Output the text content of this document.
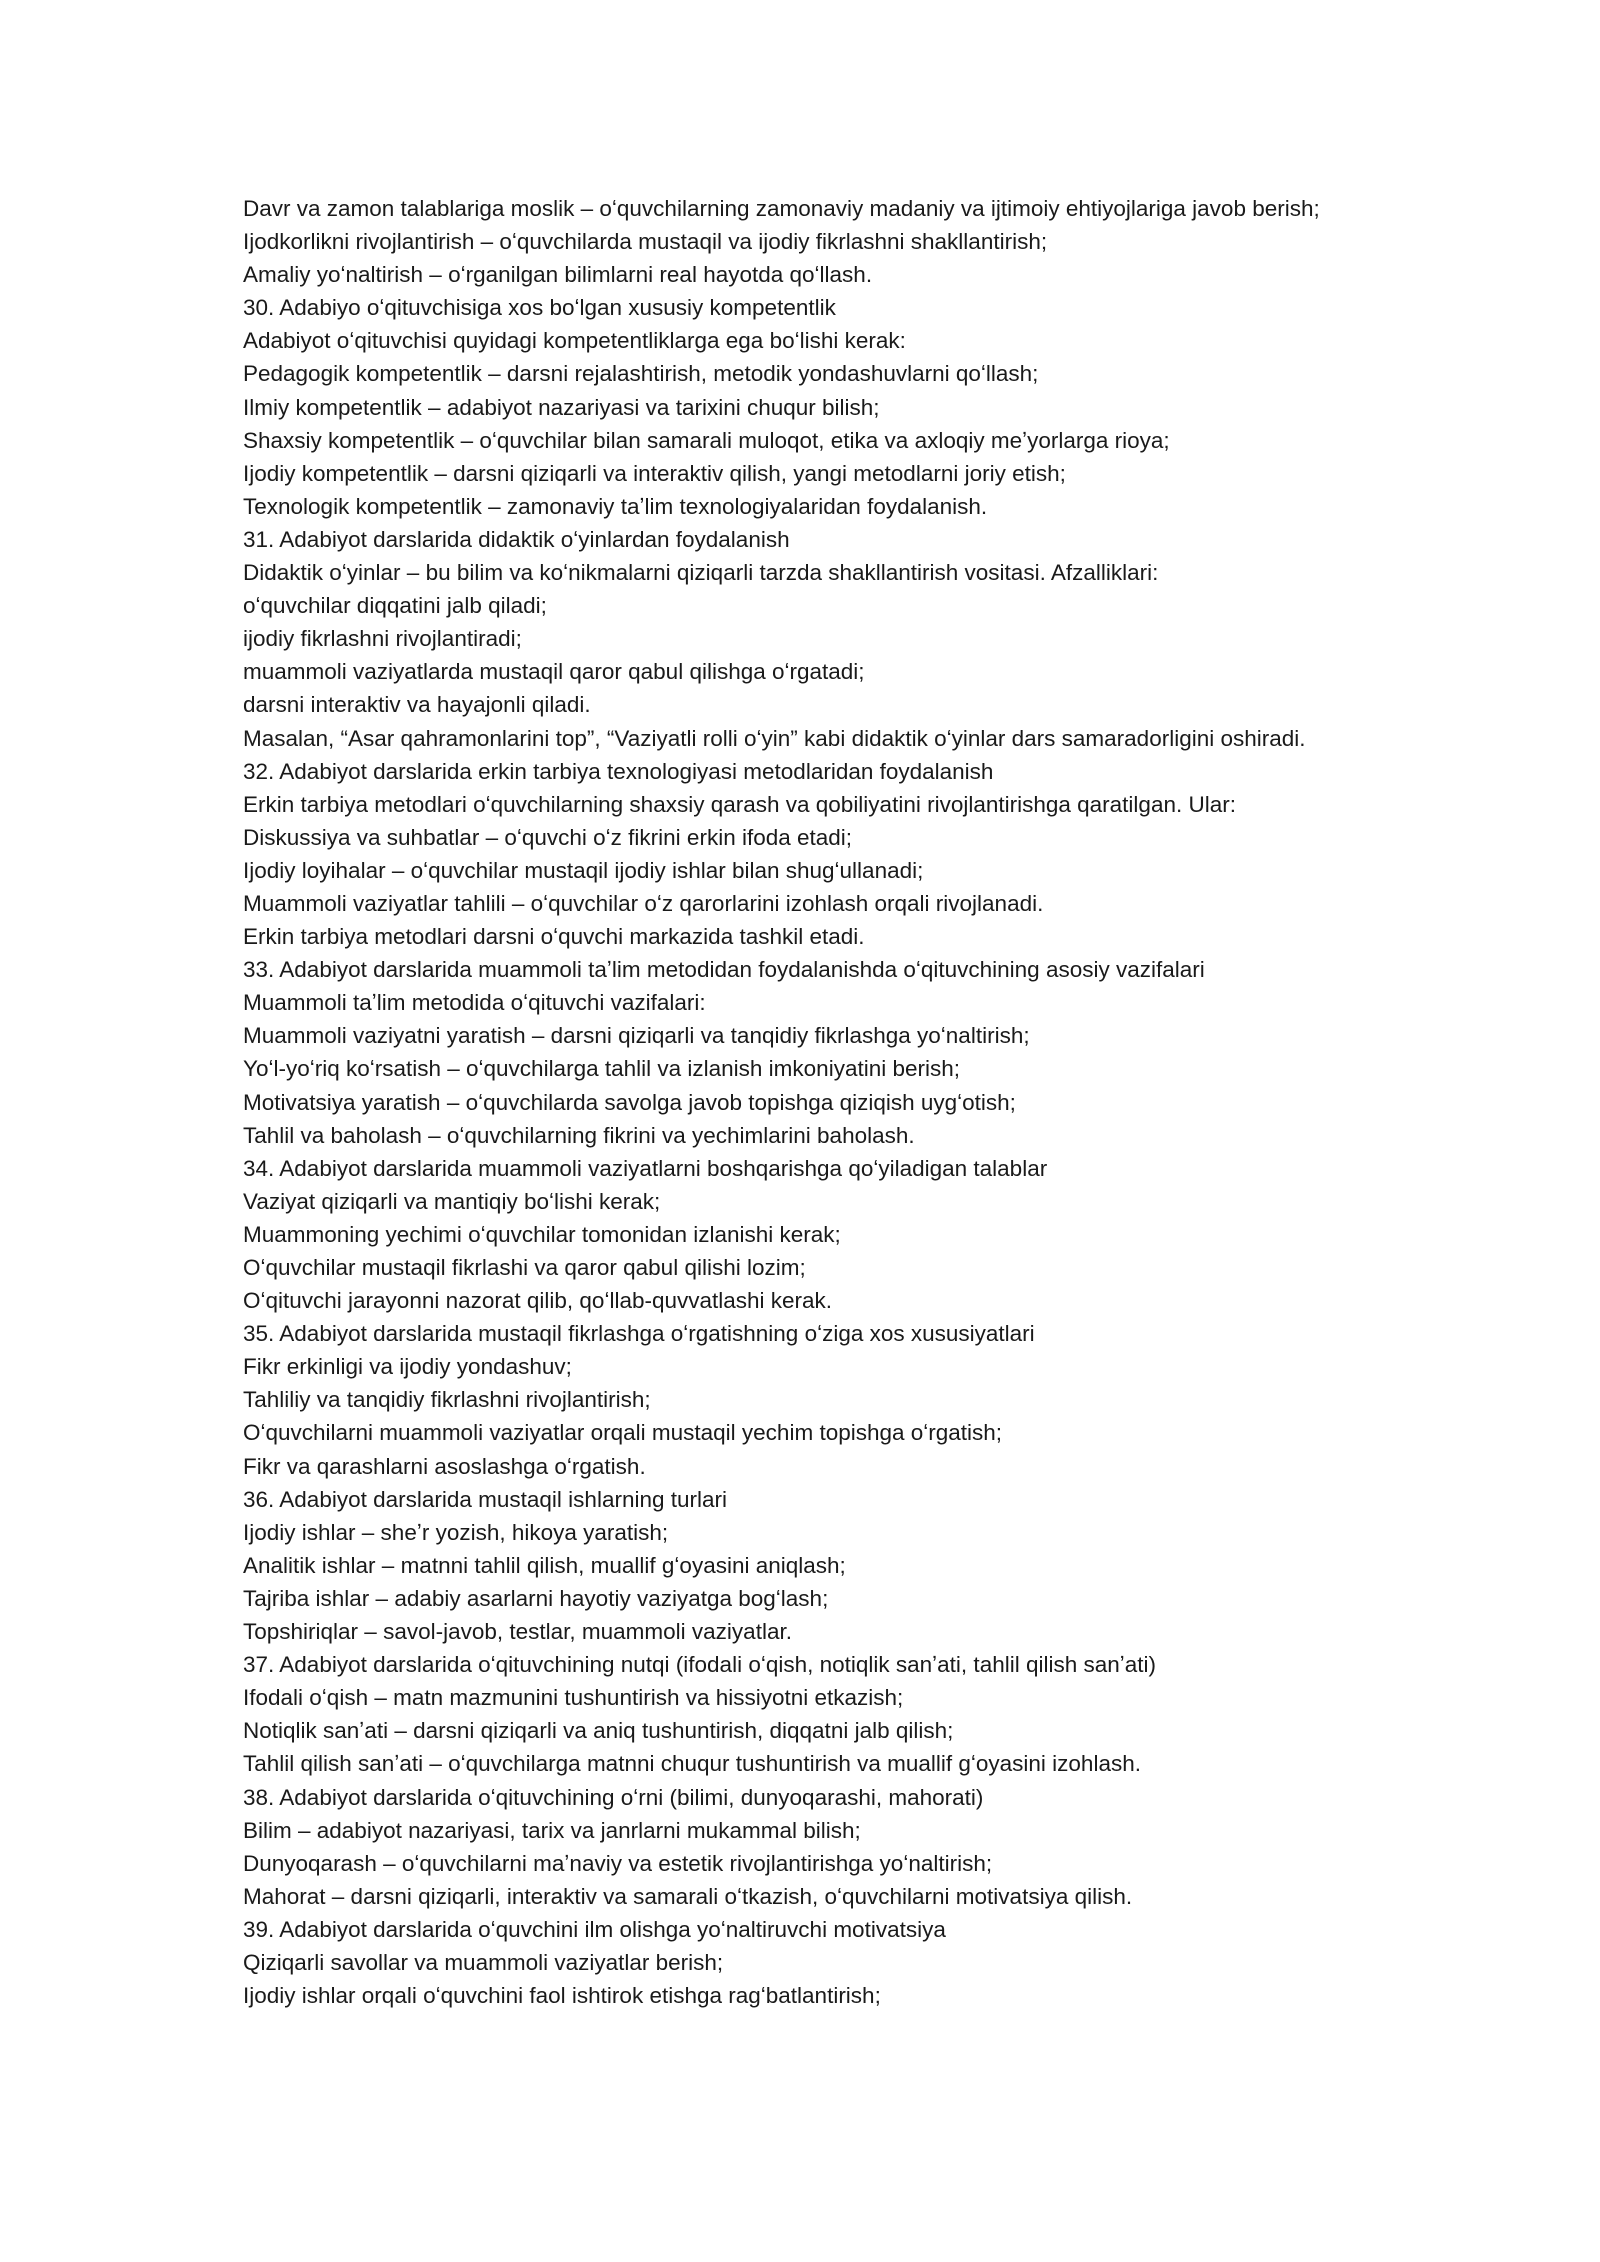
Davr va zamon talablariga moslik – oʻquvchilarning zamonaviy madaniy va ijtimoiy ehtiyojlariga javob berish;

Ijodkorlikni rivojlantirish – oʻquvchilarda mustaqil va ijodiy fikrlashni shakllantirish;

Amaliy yoʻnaltirish – oʻrganilgan bilimlarni real hayotda qoʻllash.

30. Adabiyo oʻqituvchisiga xos boʻlgan xususiy kompetentlik

Adabiyot oʻqituvchisi quyidagi kompetentliklarga ega boʻlishi kerak:

Pedagogik kompetentlik – darsni rejalashtirish, metodik yondashuvlarni qoʻllash;

Ilmiy kompetentlik – adabiyot nazariyasi va tarixini chuqur bilish;

Shaxsiy kompetentlik – oʻquvchilar bilan samarali muloqot, etika va axloqiy meʼyorlarga rioya;

Ijodiy kompetentlik – darsni qiziqarli va interaktiv qilish, yangi metodlarni joriy etish;

Texnologik kompetentlik – zamonaviy taʼlim texnologiyalaridan foydalanish.

31. Adabiyot darslarida didaktik oʻyinlardan foydalanish

Didaktik oʻyinlar – bu bilim va koʻnikmalarni qiziqarli tarzda shakllantirish vositasi. Afzalliklari:

oʻquvchilar diqqatini jalb qiladi;

ijodiy fikrlashni rivojlantiradi;

muammoli vaziyatlarda mustaqil qaror qabul qilishga oʻrgatadi;

darsni interaktiv va hayajonli qiladi.

Masalan, “Asar qahramonlarini top”, “Vaziyatli rolli oʻyin” kabi didaktik oʻyinlar dars samaradorligini oshiradi.

32. Adabiyot darslarida erkin tarbiya texnologiyasi metodlaridan foydalanish

Erkin tarbiya metodlari oʻquvchilarning shaxsiy qarash va qobiliyatini rivojlantirishga qaratilgan. Ular:

Diskussiya va suhbatlar – oʻquvchi oʻz fikrini erkin ifoda etadi;

Ijodiy loyihalar – oʻquvchilar mustaqil ijodiy ishlar bilan shugʻullanadi;

Muammoli vaziyatlar tahlili – oʻquvchilar oʻz qarorlarini izohlash orqali rivojlanadi.

Erkin tarbiya metodlari darsni oʻquvchi markazida tashkil etadi.

33. Adabiyot darslarida muammoli taʼlim metodidan foydalanishda oʻqituvchining asosiy vazifalari

Muammoli taʼlim metodida oʻqituvchi vazifalari:

Muammoli vaziyatni yaratish – darsni qiziqarli va tanqidiy fikrlashga yoʻnaltirish;

Yoʻl-yoʻriq koʻrsatish – oʻquvchilarga tahlil va izlanish imkoniyatini berish;

Motivatsiya yaratish – oʻquvchilarda savolga javob topishga qiziqish uygʻotish;

Tahlil va baholash – oʻquvchilarning fikrini va yechimlarini baholash.

34. Adabiyot darslarida muammoli vaziyatlarni boshqarishga qoʻyiladigan talablar

Vaziyat qiziqarli va mantiqiy boʻlishi kerak;

Muammoning yechimi oʻquvchilar tomonidan izlanishi kerak;

Oʻquvchilar mustaqil fikrlashi va qaror qabul qilishi lozim;

Oʻqituvchi jarayonni nazorat qilib, qoʻllab-quvvatlashi kerak.

35. Adabiyot darslarida mustaqil fikrlashga oʻrgatishning oʻziga xos xususiyatlari

Fikr erkinligi va ijodiy yondashuv;

Tahliliy va tanqidiy fikrlashni rivojlantirish;

Oʻquvchilarni muammoli vaziyatlar orqali mustaqil yechim topishga oʻrgatish;

Fikr va qarashlarni asoslashga oʻrgatish.

36. Adabiyot darslarida mustaqil ishlarning turlari

Ijodiy ishlar – sheʼr yozish, hikoya yaratish;

Analitik ishlar – matnni tahlil qilish, muallif gʻoyasini aniqlash;

Tajriba ishlar – adabiy asarlarni hayotiy vaziyatga bogʻlash;

Topshiriqlar – savol-javob, testlar, muammoli vaziyatlar.

37. Adabiyot darslarida oʻqituvchining nutqi (ifodali oʻqish, notiqlik sanʼati, tahlil qilish sanʼati)

Ifodali oʻqish – matn mazmunini tushuntirish va hissiyotni etkazish;

Notiqlik sanʼati – darsni qiziqarli va aniq tushuntirish, diqqatni jalb qilish;

Tahlil qilish sanʼati – oʻquvchilarga matnni chuqur tushuntirish va muallif gʻoyasini izohlash.

38. Adabiyot darslarida oʻqituvchining oʻrni (bilimi, dunyoqarashi, mahorati)

Bilim – adabiyot nazariyasi, tarix va janrlarni mukammal bilish;

Dunyoqarash – oʻquvchilarni maʼnaviy va estetik rivojlantirishga yoʻnaltirish;

Mahorat – darsni qiziqarli, interaktiv va samarali oʻtkazish, oʻquvchilarni motivatsiya qilish.

39. Adabiyot darslarida oʻquvchini ilm olishga yoʻnaltiruvchi motivatsiya

Qiziqarli savollar va muammoli vaziyatlar berish;

Ijodiy ishlar orqali oʻquvchini faol ishtirok etishga ragʻbatlantirish;
